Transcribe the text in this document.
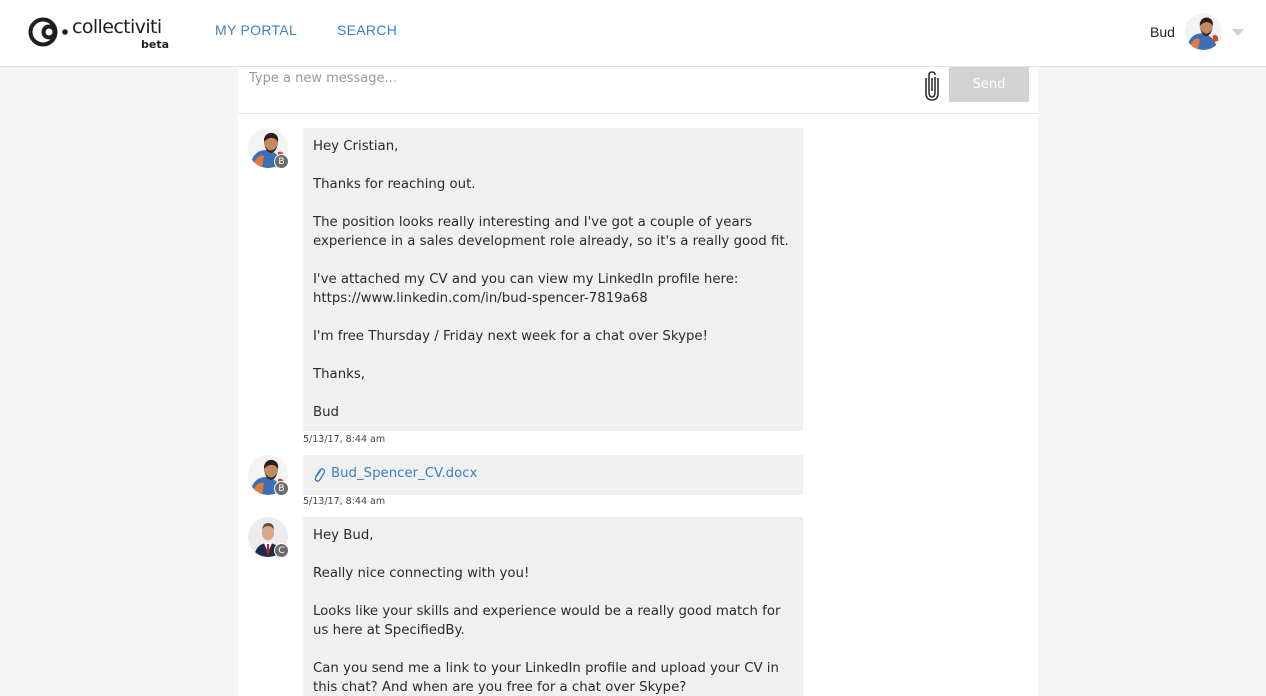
collectiviti
beta
MY PORTAL	SEARCH	Bud
Type a new message...
Send
B

Hey Cristian,

Thanks for reaching out.

The position looks really interesting and I've got a couple of years experience in a sales development role already, so it's a really good fit.

I've attached my CV and you can view my LinkedIn profile here: https://www.linkedin.com/in/bud-spencer-7819a68

I'm free Thursday / Friday next week for a chat over Skype!

Thanks,

Bud

5/13/17, 8:44 am
B
Bud_Spencer_CV.docx
5/13/17, 8:44 am
C

Hey Bud,

Really nice connecting with you!

Looks like your skills and experience would be a really good match for us here at SpecifiedBy.

Can you send me a link to your LinkedIn profile and upload your CV in this chat? And when are you free for a chat over Skype?
